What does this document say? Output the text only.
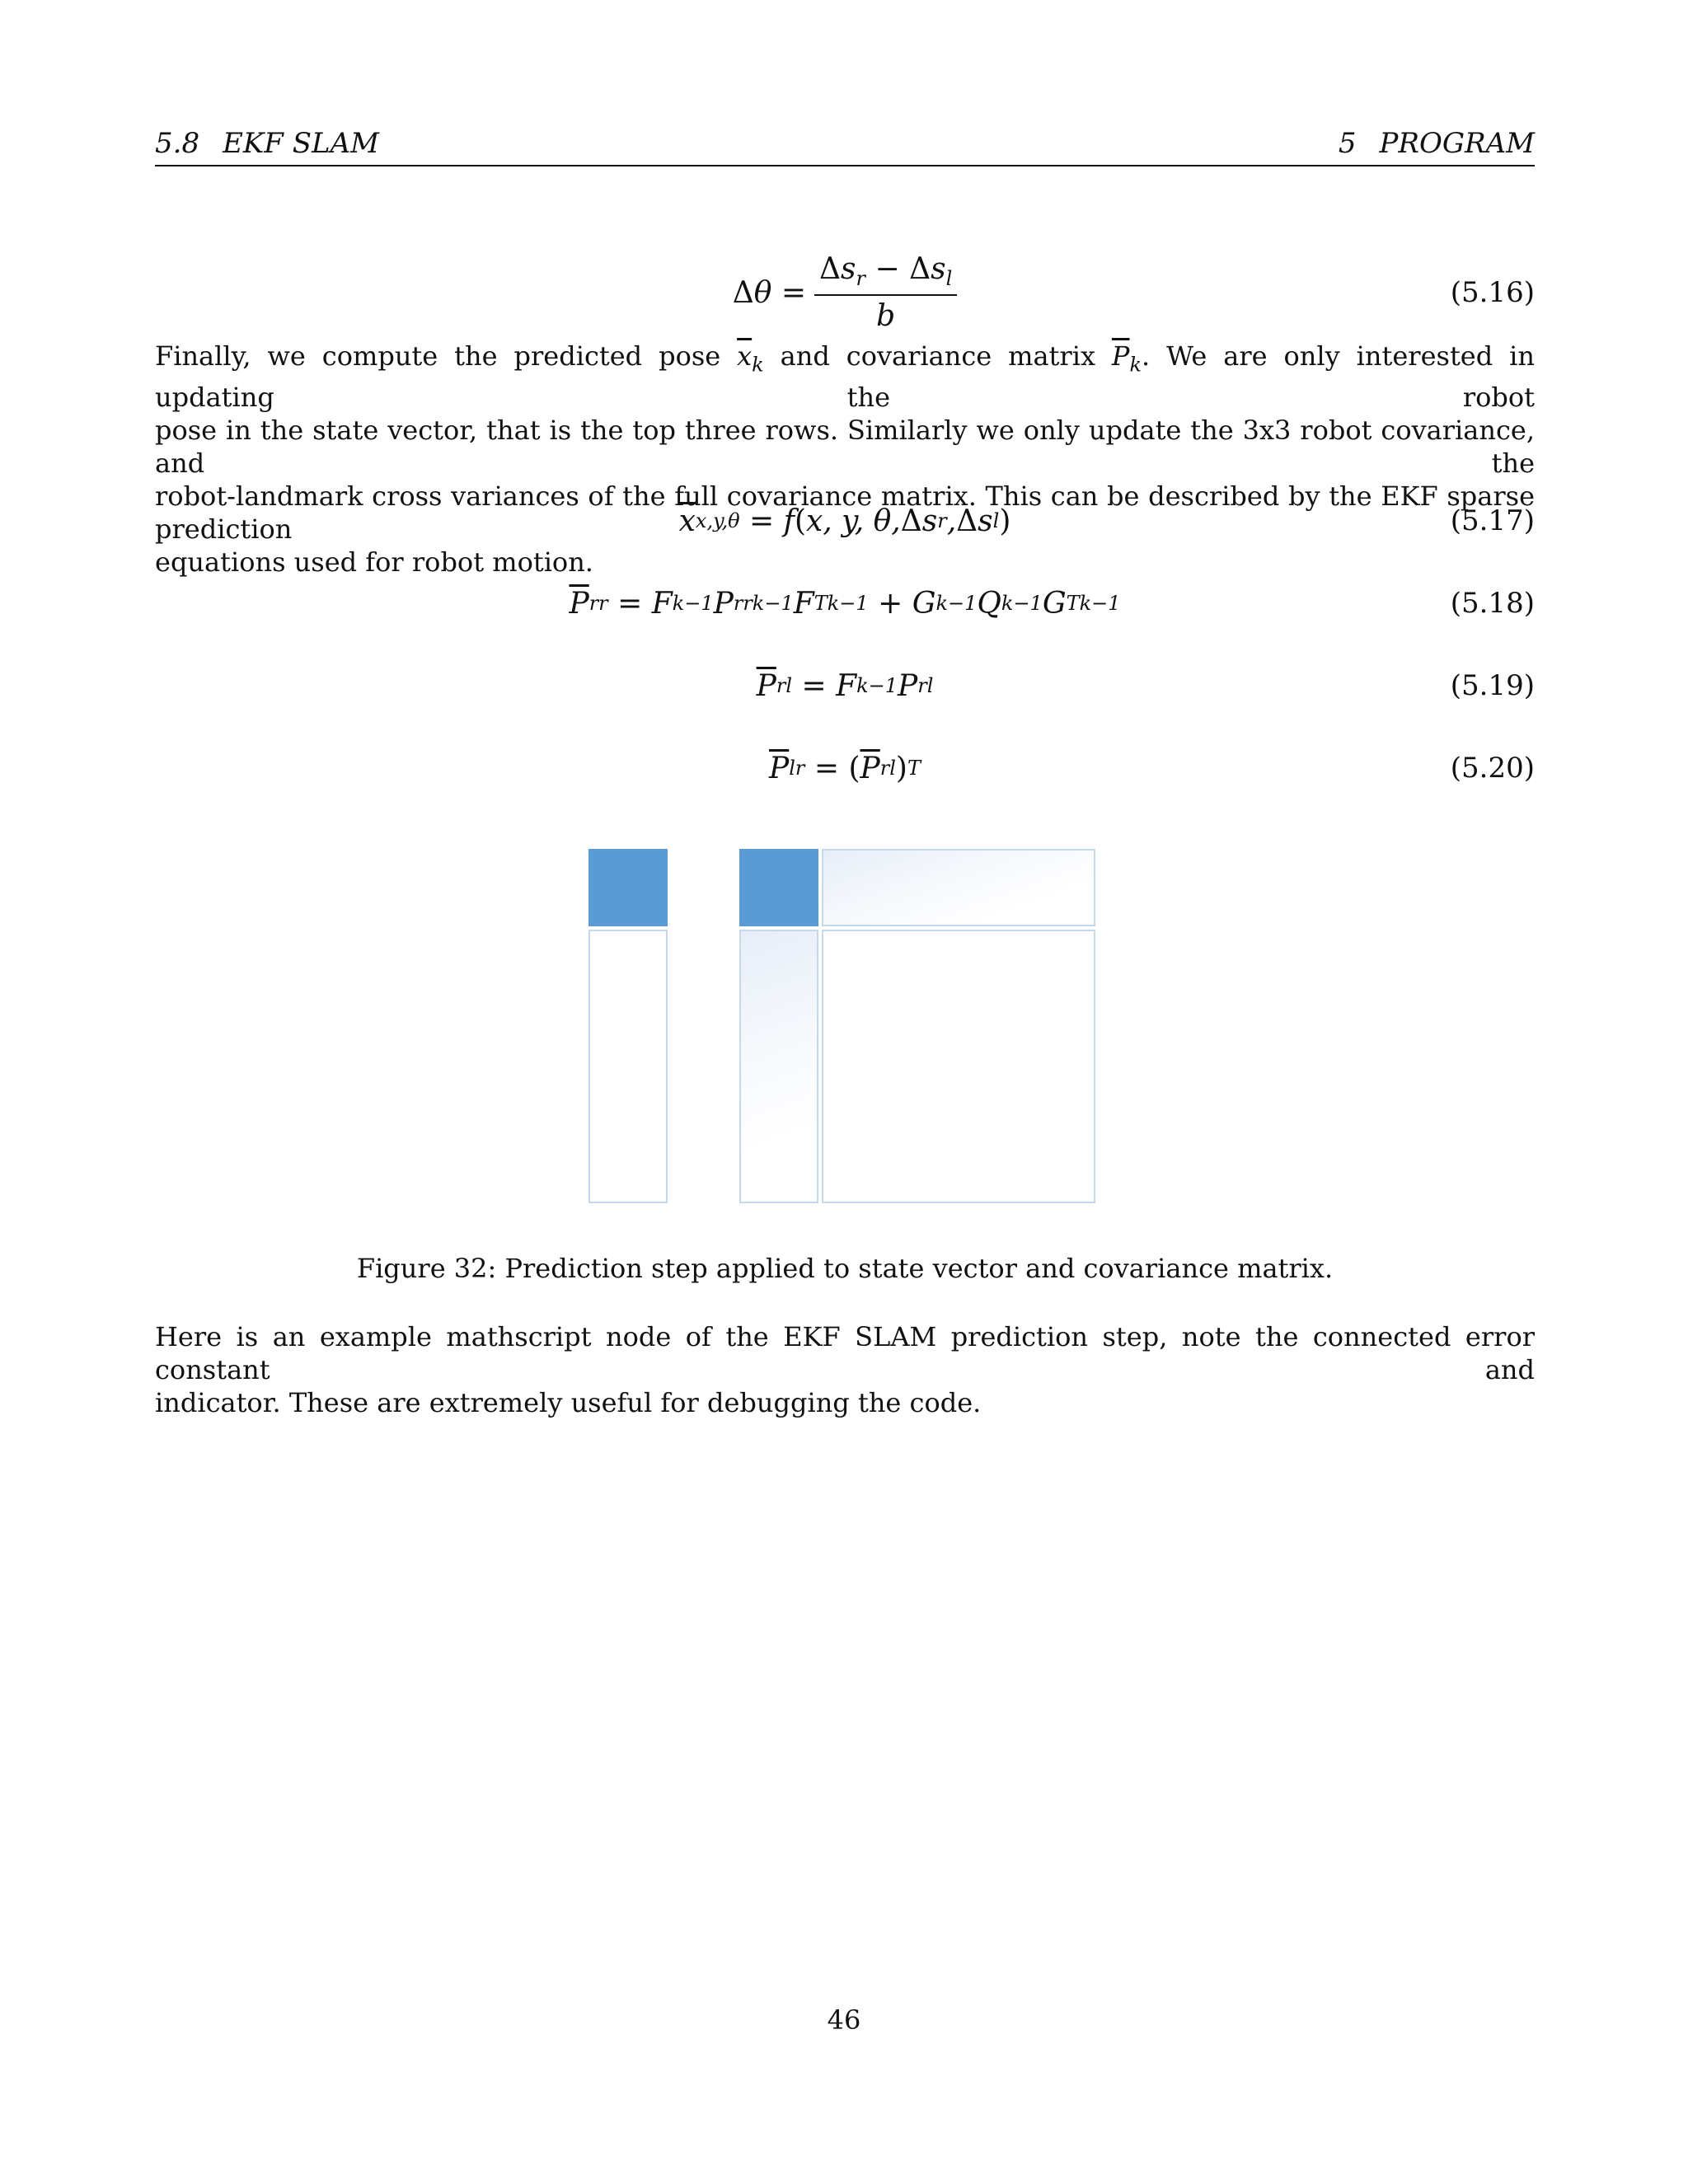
5.8 EKF SLAM	5 PROGRAM
Δ $\theta = \frac{\Delta s_r - \Delta s_l}{b}$	(5.16)
Finally, we compute the predicted pose $\overline{x}_k$ and covariance matrix $\overline{P}_k$. We are only interested in updating the robot
pose in the state vector, that is the top three rows. Similarly we only update the 3x3 robot covariance, and the
robot-landmark cross variances of the full covariance matrix. This can be described by the EKF sparse prediction
equations used for robot motion.
$\overline{x}$ x,y,θ = f ( x, y, θ, Δ s r , Δ s l )	(5.17)
$\overline{P}$ rr = F k−1 P rr k−1 F T k−1 + G k−1 Q k−1 G T k−1	(5.18)
$\overline{P}$ rl = F k−1 P rl	(5.19)
$\overline{P}$ lr = ( $\overline{P}$ rl ) T	(5.20)
Figure 32: Prediction step applied to state vector and covariance matrix.
Here is an example mathscript node of the EKF SLAM prediction step, note the connected error constant and
indicator. These are extremely useful for debugging the code.
46
